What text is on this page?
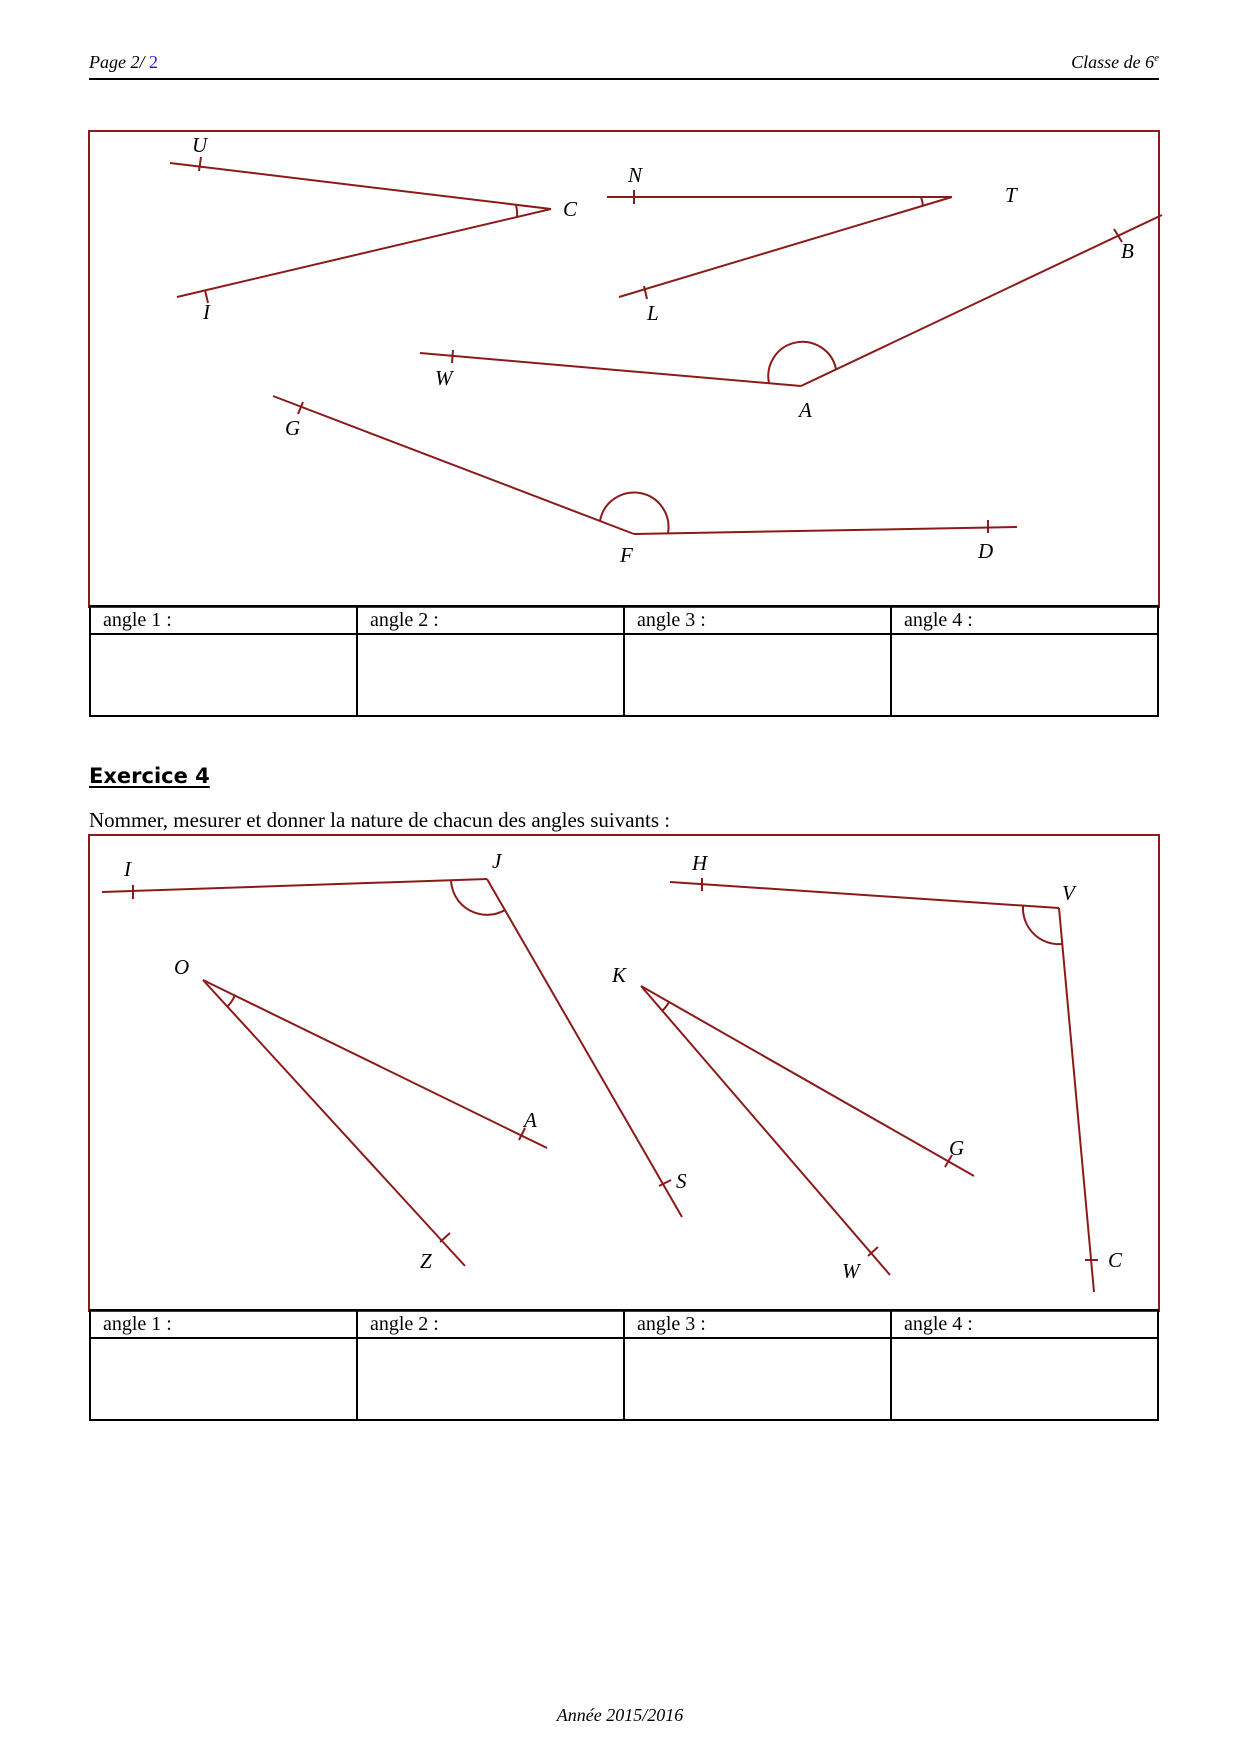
Page 2/ 2	Classe de 6e
U
C
I
N
T
L
B
W
A
G
F	D
angle 1 :	angle 2 :	angle 3 :	angle 4 :

Exercice 4
Nommer, mesurer et donner la nature de chacun des angles suivants :
I	J
O
A
S
Z
H
V
K
G
W	C
angle 1 :	angle 2 :	angle 3 :	angle 4 :

Année 2015/2016
